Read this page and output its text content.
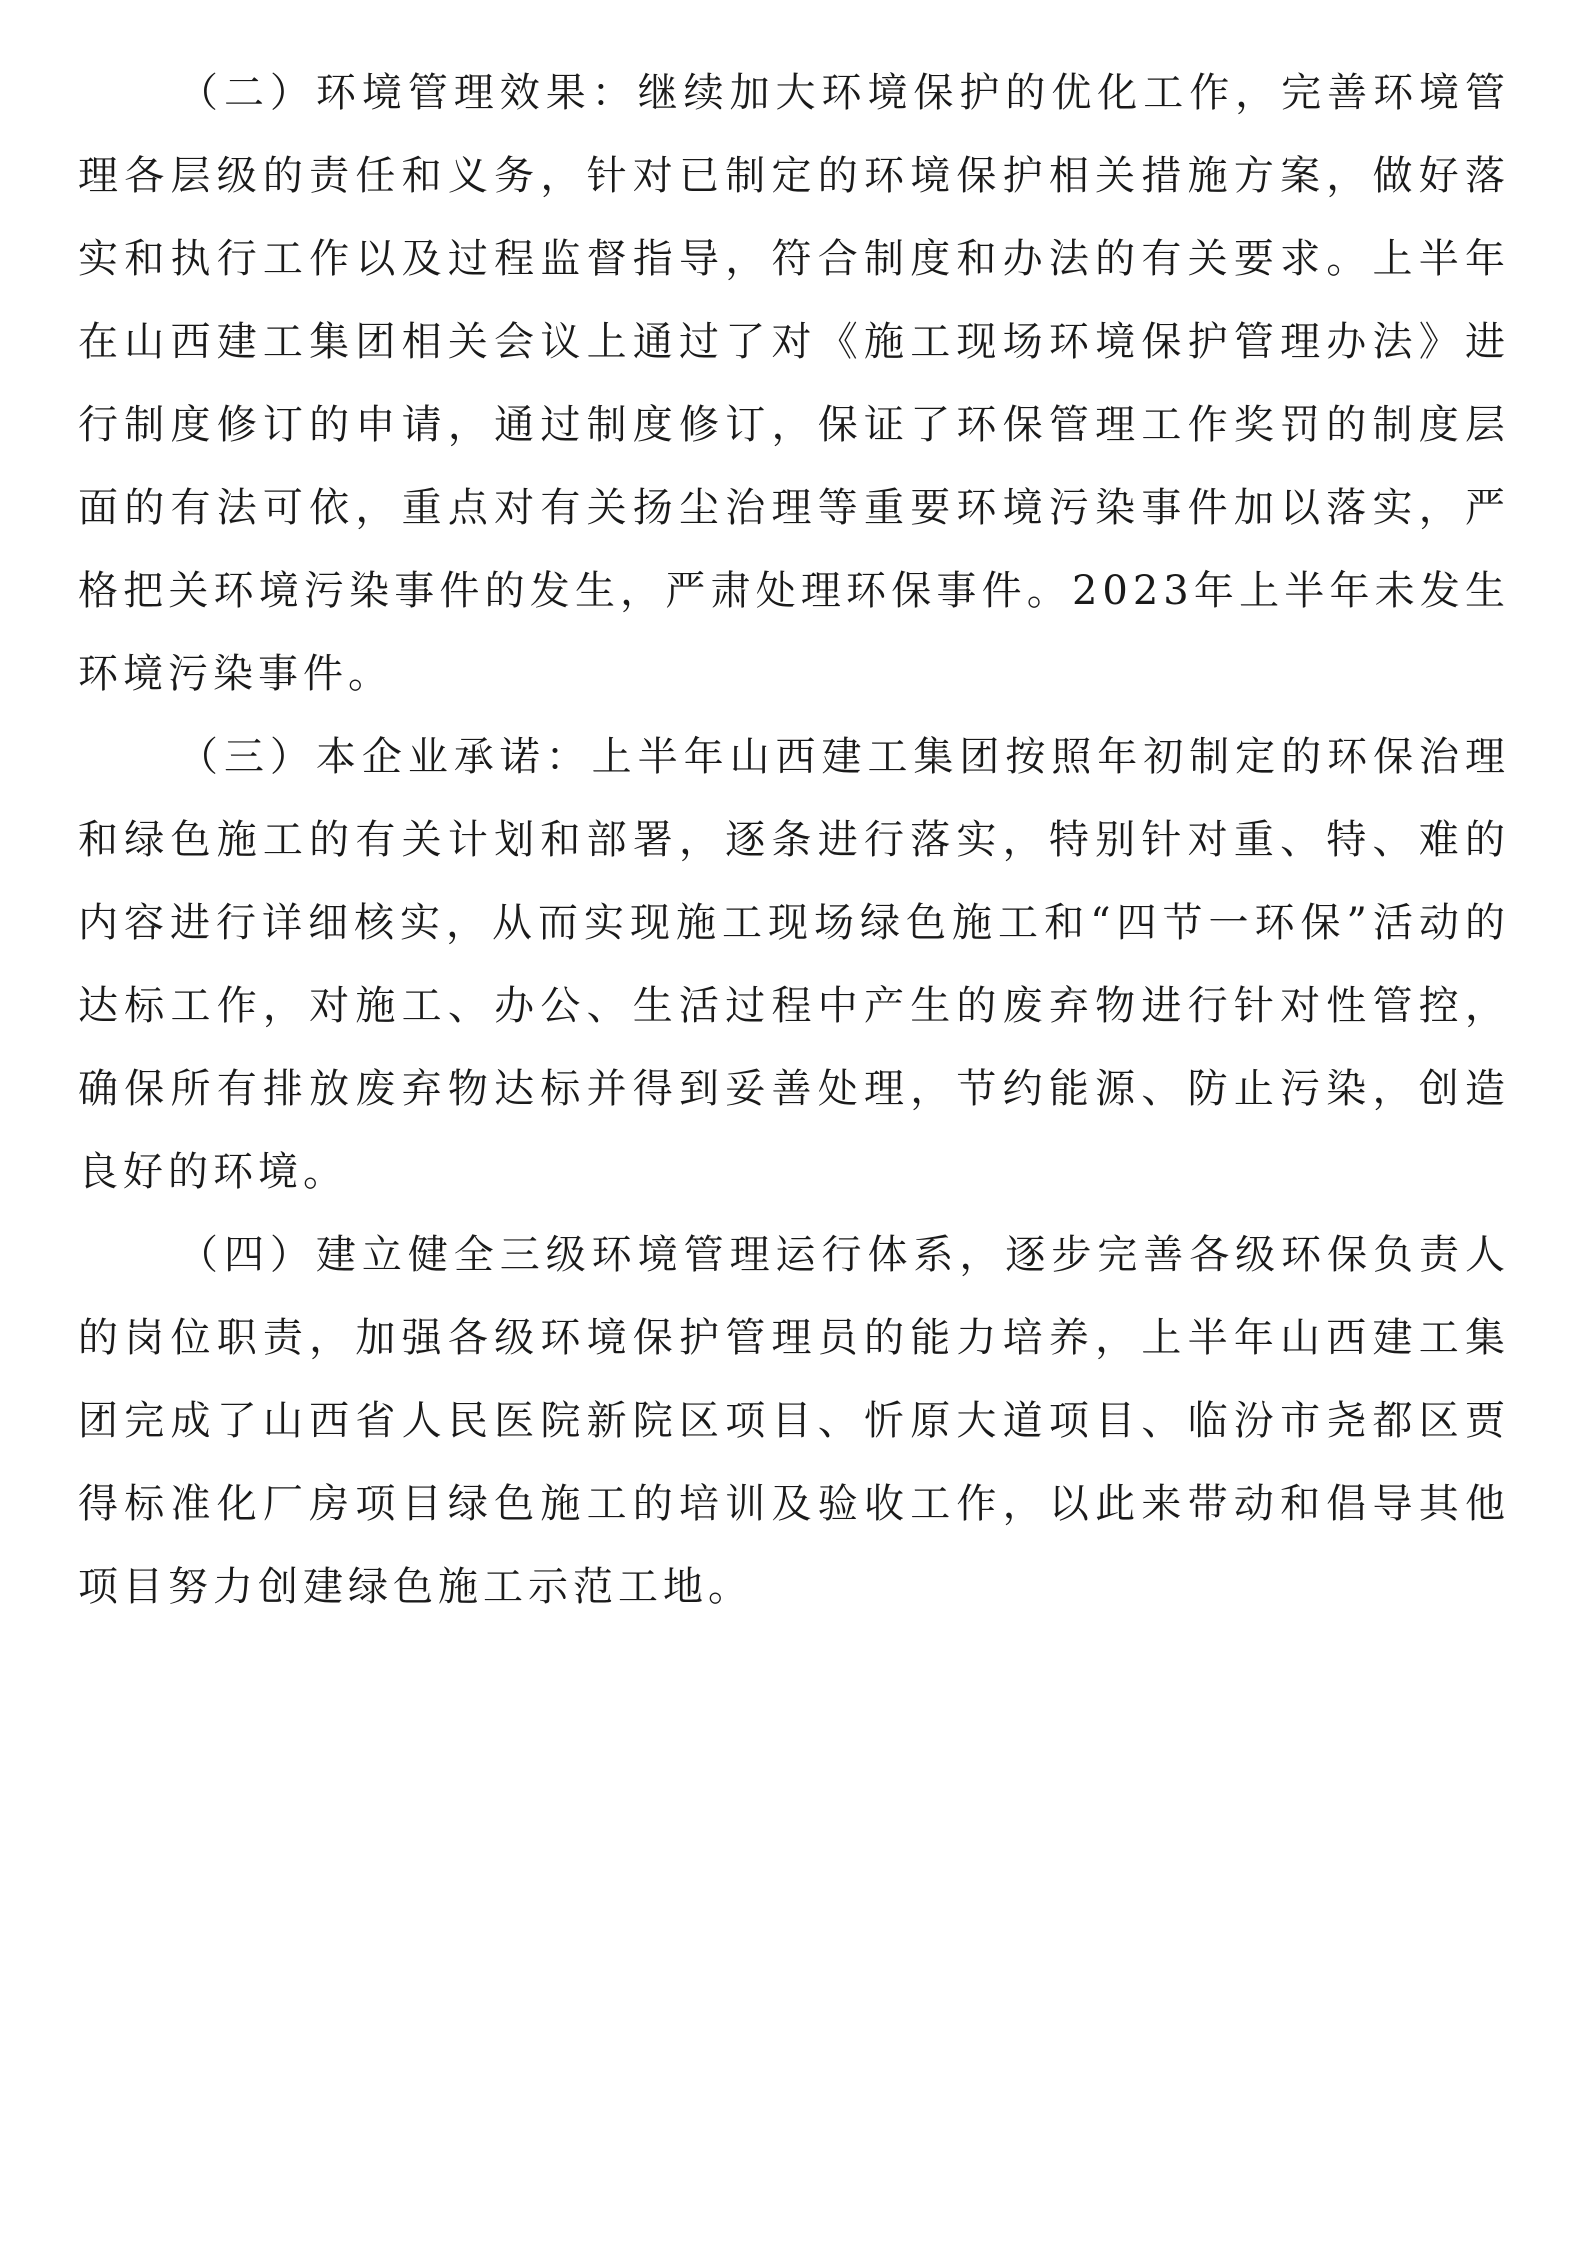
（二）环境管理效果：继续加大环境保护的优化工作，完善环境管理各层级的责任和义务，针对已制定的环境保护相关措施方案，做好落实和执行工作以及过程监督指导，符合制度和办法的有关要求。上半年在山西建工集团相关会议上通过了对《施工现场环境保护管理办法》进行制度修订的申请，通过制度修订，保证了环保管理工作奖罚的制度层面的有法可依，重点对有关扬尘治理等重要环境污染事件加以落实，严格把关环境污染事件的发生，严肃处理环保事件。2023年上半年未发生环境污染事件。

（三）本企业承诺：上半年山西建工集团按照年初制定的环保治理和绿色施工的有关计划和部署，逐条进行落实，特别针对重、特、难的内容进行详细核实，从而实现施工现场绿色施工和“四节一环保”活动的达标工作，对施工、办公、生活过程中产生的废弃物进行针对性管控，确保所有排放废弃物达标并得到妥善处理，节约能源、防止污染，创造良好的环境。

（四）建立健全三级环境管理运行体系，逐步完善各级环保负责人的岗位职责，加强各级环境保护管理员的能力培养，上半年山西建工集团完成了山西省人民医院新院区项目、忻原大道项目、临汾市尧都区贾得标准化厂房项目绿色施工的培训及验收工作，以此来带动和倡导其他项目努力创建绿色施工示范工地。
